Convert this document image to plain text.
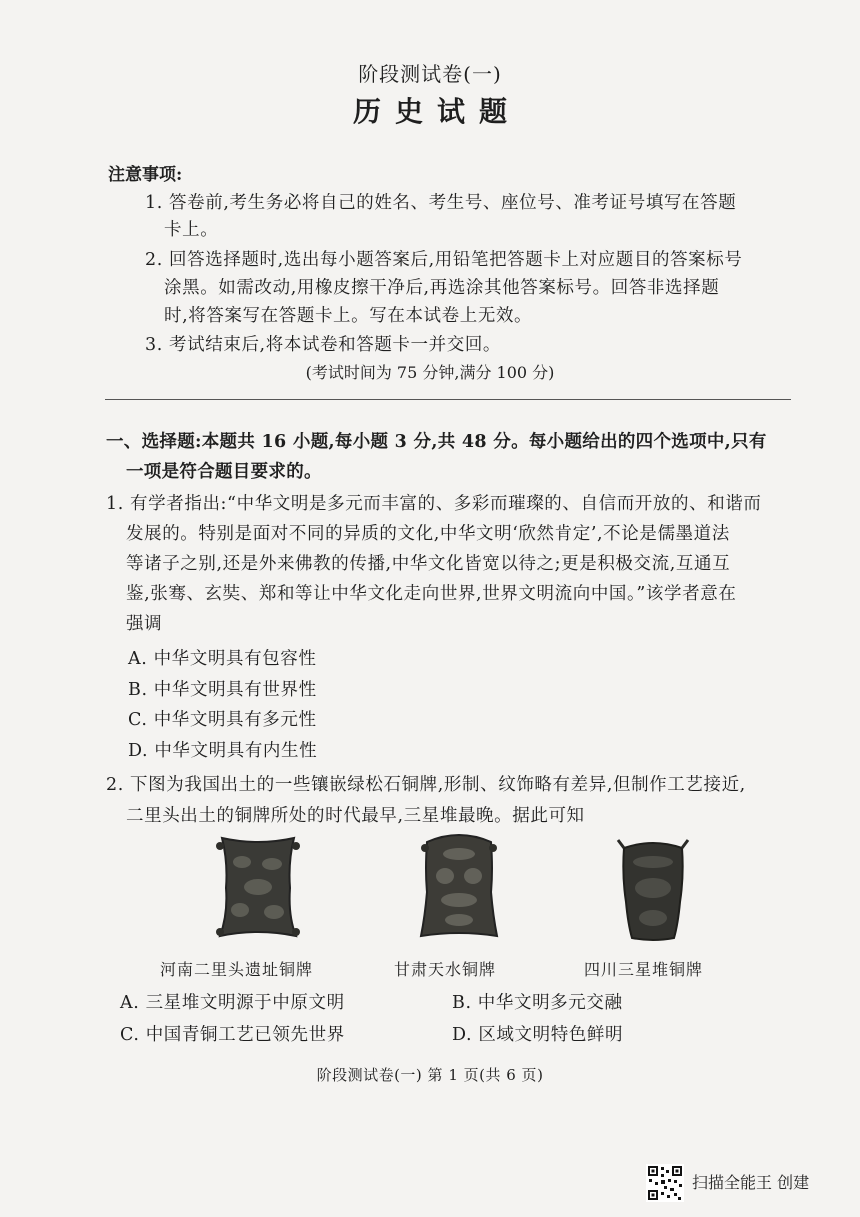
阶段测试卷(一)
历史试题
注意事项:
1. 答卷前,考生务必将自己的姓名、考生号、座位号、准考证号填写在答题
卡上。
2. 回答选择题时,选出每小题答案后,用铅笔把答题卡上对应题目的答案标号
涂黑。如需改动,用橡皮擦干净后,再选涂其他答案标号。回答非选择题
时,将答案写在答题卡上。写在本试卷上无效。
3. 考试结束后,将本试卷和答题卡一并交回。
(考试时间为 75 分钟,满分 100 分)
一、选择题:本题共 16 小题,每小题 3 分,共 48 分。每小题给出的四个选项中,只有
一项是符合题目要求的。
1. 有学者指出:“中华文明是多元而丰富的、多彩而璀璨的、自信而开放的、和谐而
发展的。特别是面对不同的异质的文化,中华文明‘欣然肯定’,不论是儒墨道法
等诸子之别,还是外来佛教的传播,中华文化皆宽以待之;更是积极交流,互通互
鉴,张骞、玄奘、郑和等让中华文化走向世界,世界文明流向中国。”该学者意在
强调
A. 中华文明具有包容性
B. 中华文明具有世界性
C. 中华文明具有多元性
D. 中华文明具有内生性
2. 下图为我国出土的一些镶嵌绿松石铜牌,形制、纹饰略有差异,但制作工艺接近,
二里头出土的铜牌所处的时代最早,三星堆最晚。据此可知
河南二里头遗址铜牌	甘肃天水铜牌	四川三星堆铜牌
A. 三星堆文明源于中原文明	B. 中华文明多元交融
C. 中国青铜工艺已领先世界	D. 区域文明特色鲜明
阶段测试卷(一) 第 1 页(共 6 页)
扫描全能王 创建
